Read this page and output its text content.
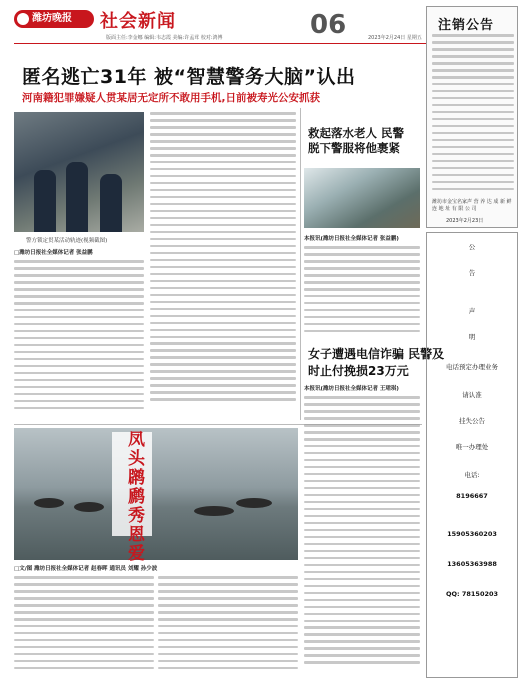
潍坊晚报	社会新闻
版面主任:李金娜 编辑:韦志霞 美编:许孟茸 校对:鸿博	06	2023年2月24日 星期五
匿名逃亡31年 被“智慧警务大脑”认出
河南籍犯罪嫌疑人贯某居无定所不敢用手机,日前被寿光公安抓获
警方锁定贯某活动轨迹(视频截图)
□潍坊日报社全媒体记者 张益鹏
救起落水老人 民警脱下警服将他裹紧
本报讯(潍坊日报社全媒体记者 张益鹏)
女子遭遇电信诈骗 民警及时止付挽损23万元
本报讯(潍坊日报社全媒体记者 王珺琪)
凤头䴙䴘秀恩爱
□文/图 潍坊日报社全媒体记者 赵春晖 通讯员 刘耀 孙少波
注销公告
潍坊市金宝名家声 营 养 达 成 新 鲜 连 地 址 有 限 公 司
2023年2月23日
公
告
声
明
电话预定办理业务
请认准
挂失公告
唯一办理处
电话:
8196667
15905360203
13605363988
QQ: 78150203
